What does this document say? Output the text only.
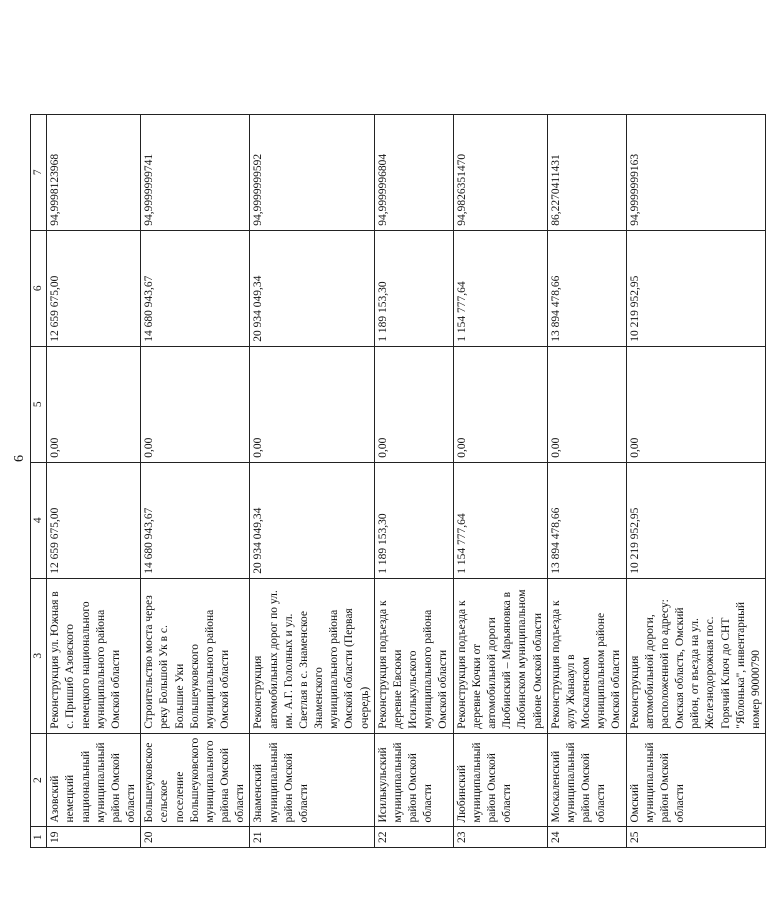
6
1	2	3	4	5	6	7
19	Азовский немецкий национальный муниципальный район Омской области	Реконструкция ул. Южная в с. Пришиб Азовского немецкого национального муниципального района Омской области	12 659 675,00	0,00	12 659 675,00	94,9998123968
20	Большеуковское сельское поселение Большеуковского муниципального района Омской области	Строительство моста через реку Большой Ук в с. Большие Уки Большеуковского муниципального района Омской области	14 680 943,67	0,00	14 680 943,67	94,9999999741
21	Знаменский муниципальный район Омской области	Реконструкция автомобильных дорог по ул. им. А.Г. Гололных и ул. Светлая в с. Знаменское Знаменского муниципального района Омской области (Первая очередь)	20 934 049,34	0,00	20 934 049,34	94,9999999592
22	Исилькульский муниципальный район Омской области	Реконструкция подъезда к деревне Евсюки Исилькульского муниципального района Омской области	1 189 153,30	0,00	1 189 153,30	94,9999996804
23	Любинский муниципальный район Омской области	Реконструкция подъезда к деревне Кочки от автомобильной дороги Любинский – Марьяновка в Любинском муниципальном районе Омской области	1 154 777,64	0,00	1 154 777,64	94,9826351470
24	Москаленский муниципальный район Омской области	Реконструкция подъезда к аулу Жанааул в Москаленском муниципальном районе Омской области	13 894 478,66	0,00	13 894 478,66	86,2270411431
25	Омский муниципальный район Омской области	Реконструкция автомобильной дороги, расположенной по адресу: Омская область, Омский район, от въезда на ул. Железнодорожная пос. Горячий Ключ до СНТ "Яблонька", инвентарный номер 90000790	10 219 952,95	0,00	10 219 952,95	94,9999999163
